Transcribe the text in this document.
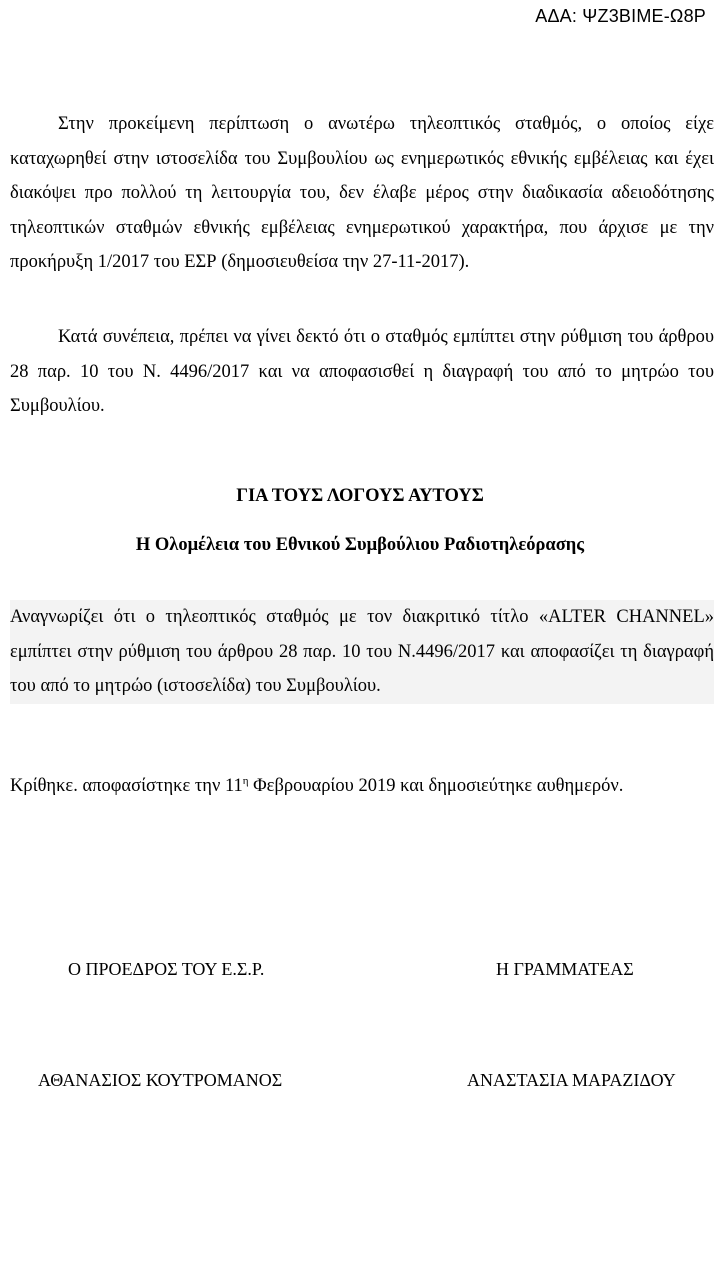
ΑΔΑ: ΨΖ3ΒΙΜΕ-Ω8Ρ

Στην προκείμενη περίπτωση ο ανωτέρω τηλεοπτικός σταθμός, ο οποίος είχε καταχωρηθεί στην ιστοσελίδα του Συμβουλίου ως ενημερωτικός εθνικής εμβέλειας και έχει διακόψει προ πολλού τη λειτουργία του, δεν έλαβε μέρος στην διαδικασία αδειοδότησης τηλεοπτικών σταθμών εθνικής εμβέλειας ενημερωτικού χαρακτήρα, που άρχισε με την προκήρυξη 1/2017 του ΕΣΡ (δημοσιευθείσα την 27-11-2017).

Κατά συνέπεια, πρέπει να γίνει δεκτό ότι ο σταθμός εμπίπτει στην ρύθμιση του άρθρου 28 παρ. 10 του Ν. 4496/2017 και να αποφασισθεί η διαγραφή του από το μητρώο του Συμβουλίου.

ΓΙΑ ΤΟΥΣ ΛΟΓΟΥΣ ΑΥΤΟΥΣ

Η Ολομέλεια του Εθνικού Συμβούλιου Ραδιοτηλεόρασης

Αναγνωρίζει ότι ο τηλεοπτικός σταθμός με τον διακριτικό τίτλο «ALTER CHANNEL» εμπίπτει στην ρύθμιση του άρθρου 28 παρ. 10 του Ν.4496/2017 και αποφασίζει τη διαγραφή του από το μητρώο (ιστοσελίδα) του Συμβουλίου.

Κρίθηκε. αποφασίστηκε την $11^\eta$ Φεβρουαρίου 2019 και δημοσιεύτηκε αυθημερόν.

Ο ΠΡΟΕΔΡΟΣ ΤΟΥ Ε.Σ.Ρ.	Η ΓΡΑΜΜΑΤΕΑΣ

ΑΘΑΝΑΣΙΟΣ ΚΟΥΤΡΟΜΑΝΟΣ	ΑΝΑΣΤΑΣΙΑ ΜΑΡΑΖΙΔΟΥ
